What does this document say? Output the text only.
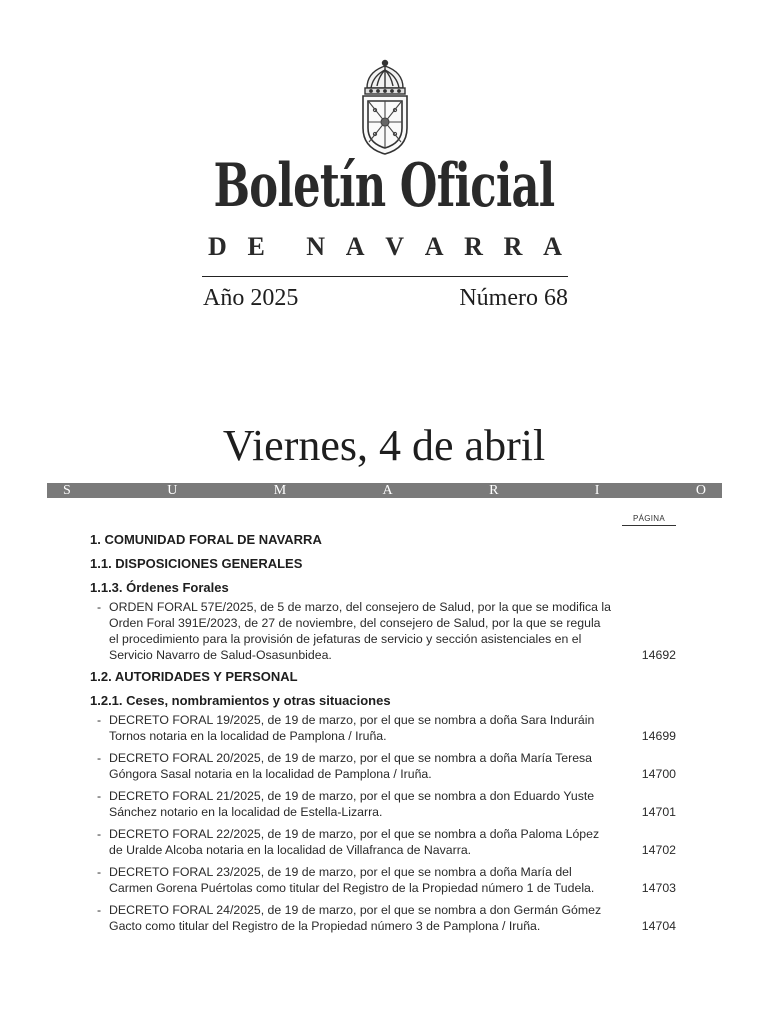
Boletín Oficial
D E N A V A R R A
Año 2025	Número 68
Viernes, 4 de abril
S	U	M	A	R	I	O
PÁGINA
1. COMUNIDAD FORAL DE NAVARRA
1.1. DISPOSICIONES GENERALES
1.1.3. Órdenes Forales
- ORDEN FORAL 57E/2025, de 5 de marzo, del consejero de Salud, por la que se modifica la Orden Foral 391E/2023, de 27 de noviembre, del consejero de Salud, por la que se regula el procedimiento para la provisión de jefaturas de servicio y sección asistenciales en el Servicio Navarro de Salud-Osasunbidea.	14692
1.2. AUTORIDADES Y PERSONAL
1.2.1. Ceses, nombramientos y otras situaciones
- DECRETO FORAL 19/2025, de 19 de marzo, por el que se nombra a doña Sara Induráin Tornos notaria en la localidad de Pamplona / Iruña.	14699
- DECRETO FORAL 20/2025, de 19 de marzo, por el que se nombra a doña María Teresa Góngora Sasal notaria en la localidad de Pamplona / Iruña.	14700
- DECRETO FORAL 21/2025, de 19 de marzo, por el que se nombra a don Eduardo Yuste Sánchez notario en la localidad de Estella-Lizarra.	14701
- DECRETO FORAL 22/2025, de 19 de marzo, por el que se nombra a doña Paloma López de Uralde Alcoba notaria en la localidad de Villafranca de Navarra.	14702
- DECRETO FORAL 23/2025, de 19 de marzo, por el que se nombra a doña María del Carmen Gorena Puértolas como titular del Registro de la Propiedad número 1 de Tudela.	14703
- DECRETO FORAL 24/2025, de 19 de marzo, por el que se nombra a don Germán Gómez Gacto como titular del Registro de la Propiedad número 3 de Pamplona / Iruña.	14704
